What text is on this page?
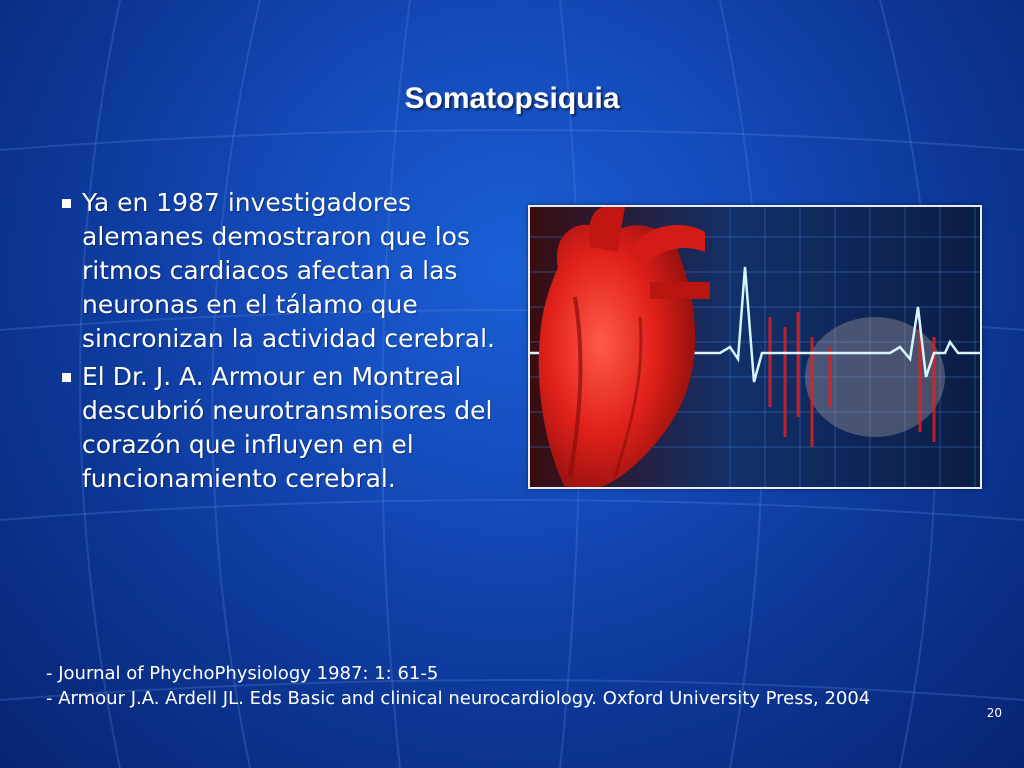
Somatopsiquia
Ya en 1987 investigadores alemanes demostraron que los ritmos cardiacos afectan a las neuronas en el tálamo que sincronizan la actividad cerebral.
El Dr. J. A. Armour en Montreal descubrió neurotransmisores del corazón que influyen en el funcionamiento cerebral.
- Journal of PhychoPhysiology 1987: 1: 61-5
- Armour J.A. Ardell JL. Eds Basic and clinical neurocardiology. Oxford University Press, 2004
20
